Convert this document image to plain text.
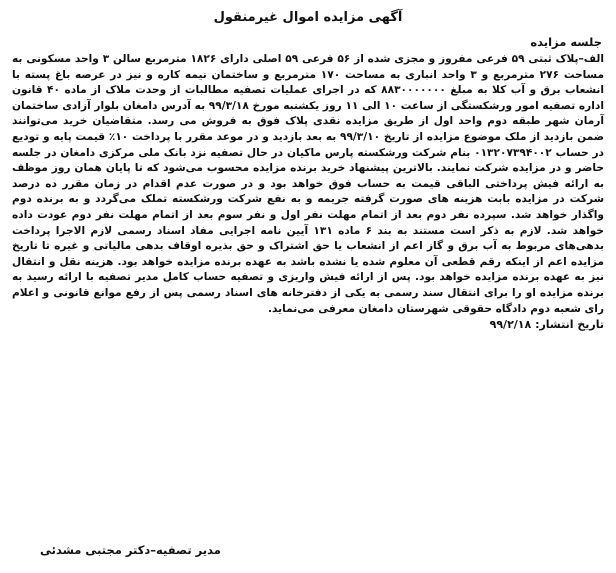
آگهی مزایده اموال غیرمنقول
جلسه مزایده

الف–پلاک ثبتی ۵۹ فرعی مفروز و مجزی شده از ۵۶ فرعی ۵۹ اصلی دارای ۱۸۲۶ مترمربع سالن ۳ واحد مسکونی به مساحت ۲۷۶ مترمربع و ۳ واحد انباری به مساحت ۱۷۰ مترمربع و ساختمان نیمه کاره و نیز در عرصه باغ پسته با انشعاب برق و آب کلا به مبلغ ۸۸۳۰۰۰۰۰۰۰ که در اجرای عملیات تصفیه مطالبات از وحدت ملاک از ماده ۴۰ قانون اداره تصفیه امور ورشکستگی از ساعت ۱۰ الی ۱۱ روز یکشنبه مورخ ۹۹/۳/۱۸ به آدرس دامغان بلوار آزادی ساختمان آرمان شهر طبقه دوم واحد اول از طریق مزایده نقدی پلاک فوق به فروش می رسد. متقاضیان خرید می‌توانند ضمن بازدید از ملک موضوع مزایده از تاریخ ۹۹/۳/۱۰ به بعد بازدید و در موعد مقرر با پرداخت ۱۰٪ قیمت پایه و تودیع در حساب ۰۱۳۲۰۷۳۹۴۰۰۲ بنام شرکت ورشکسته پارس ماکیان در حال تصفیه نزد بانک ملی مرکزی دامغان در جلسه حاضر و در مزایده شرکت نمایند. بالاترین پیشنهاد خرید برنده مزایده محسوب می‌شود که تا پایان همان روز موظف به ارائه فیش پرداختی الباقی قیمت به حساب فوق خواهد بود و در صورت عدم اقدام در زمان مقرر ده درصد شرکت در مزایده بابت هزینه های صورت گرفته جریمه و به نفع شرکت ورشکسته تملک می‌گردد و به برنده دوم واگذار خواهد شد. سپرده نفر دوم بعد از اتمام مهلت نفر اول و نفر سوم بعد از اتمام مهلت نفر دوم عودت داده خواهد شد. لازم به ذکر است مستند به بند ۶ ماده ۱۳۱ آیین نامه اجرایی مفاد اسناد رسمی لازم الاجرا پرداخت بدهی‌های مربوط به آب برق و گاز اعم از انشعاب یا حق اشتراک و حق بذیره اوقاف بدهی مالیاتی و غیره تا تاریخ مزایده اعم از اینکه رقم قطعی آن معلوم شده یا نشده باشد به عهده برنده مزایده خواهد بود. هزینه نقل و انتقال نیز به عهده برنده مزایده خواهد بود. پس از ارائه فیش واریزی و تصفیه حساب کامل مدیر تصفیه با ارائه رسید به برنده مزایده او را برای انتقال سند رسمی به یکی از دفترخانه های اسناد رسمی پس از رفع موانع قانونی و اعلام رای شعبه دوم دادگاه حقوقی شهرستان دامغان معرفی می‌نماید.

تاریخ انتشار: ۹۹/۲/۱۸
مدیر تصفیه–دکتر مجتبی مشدئی
